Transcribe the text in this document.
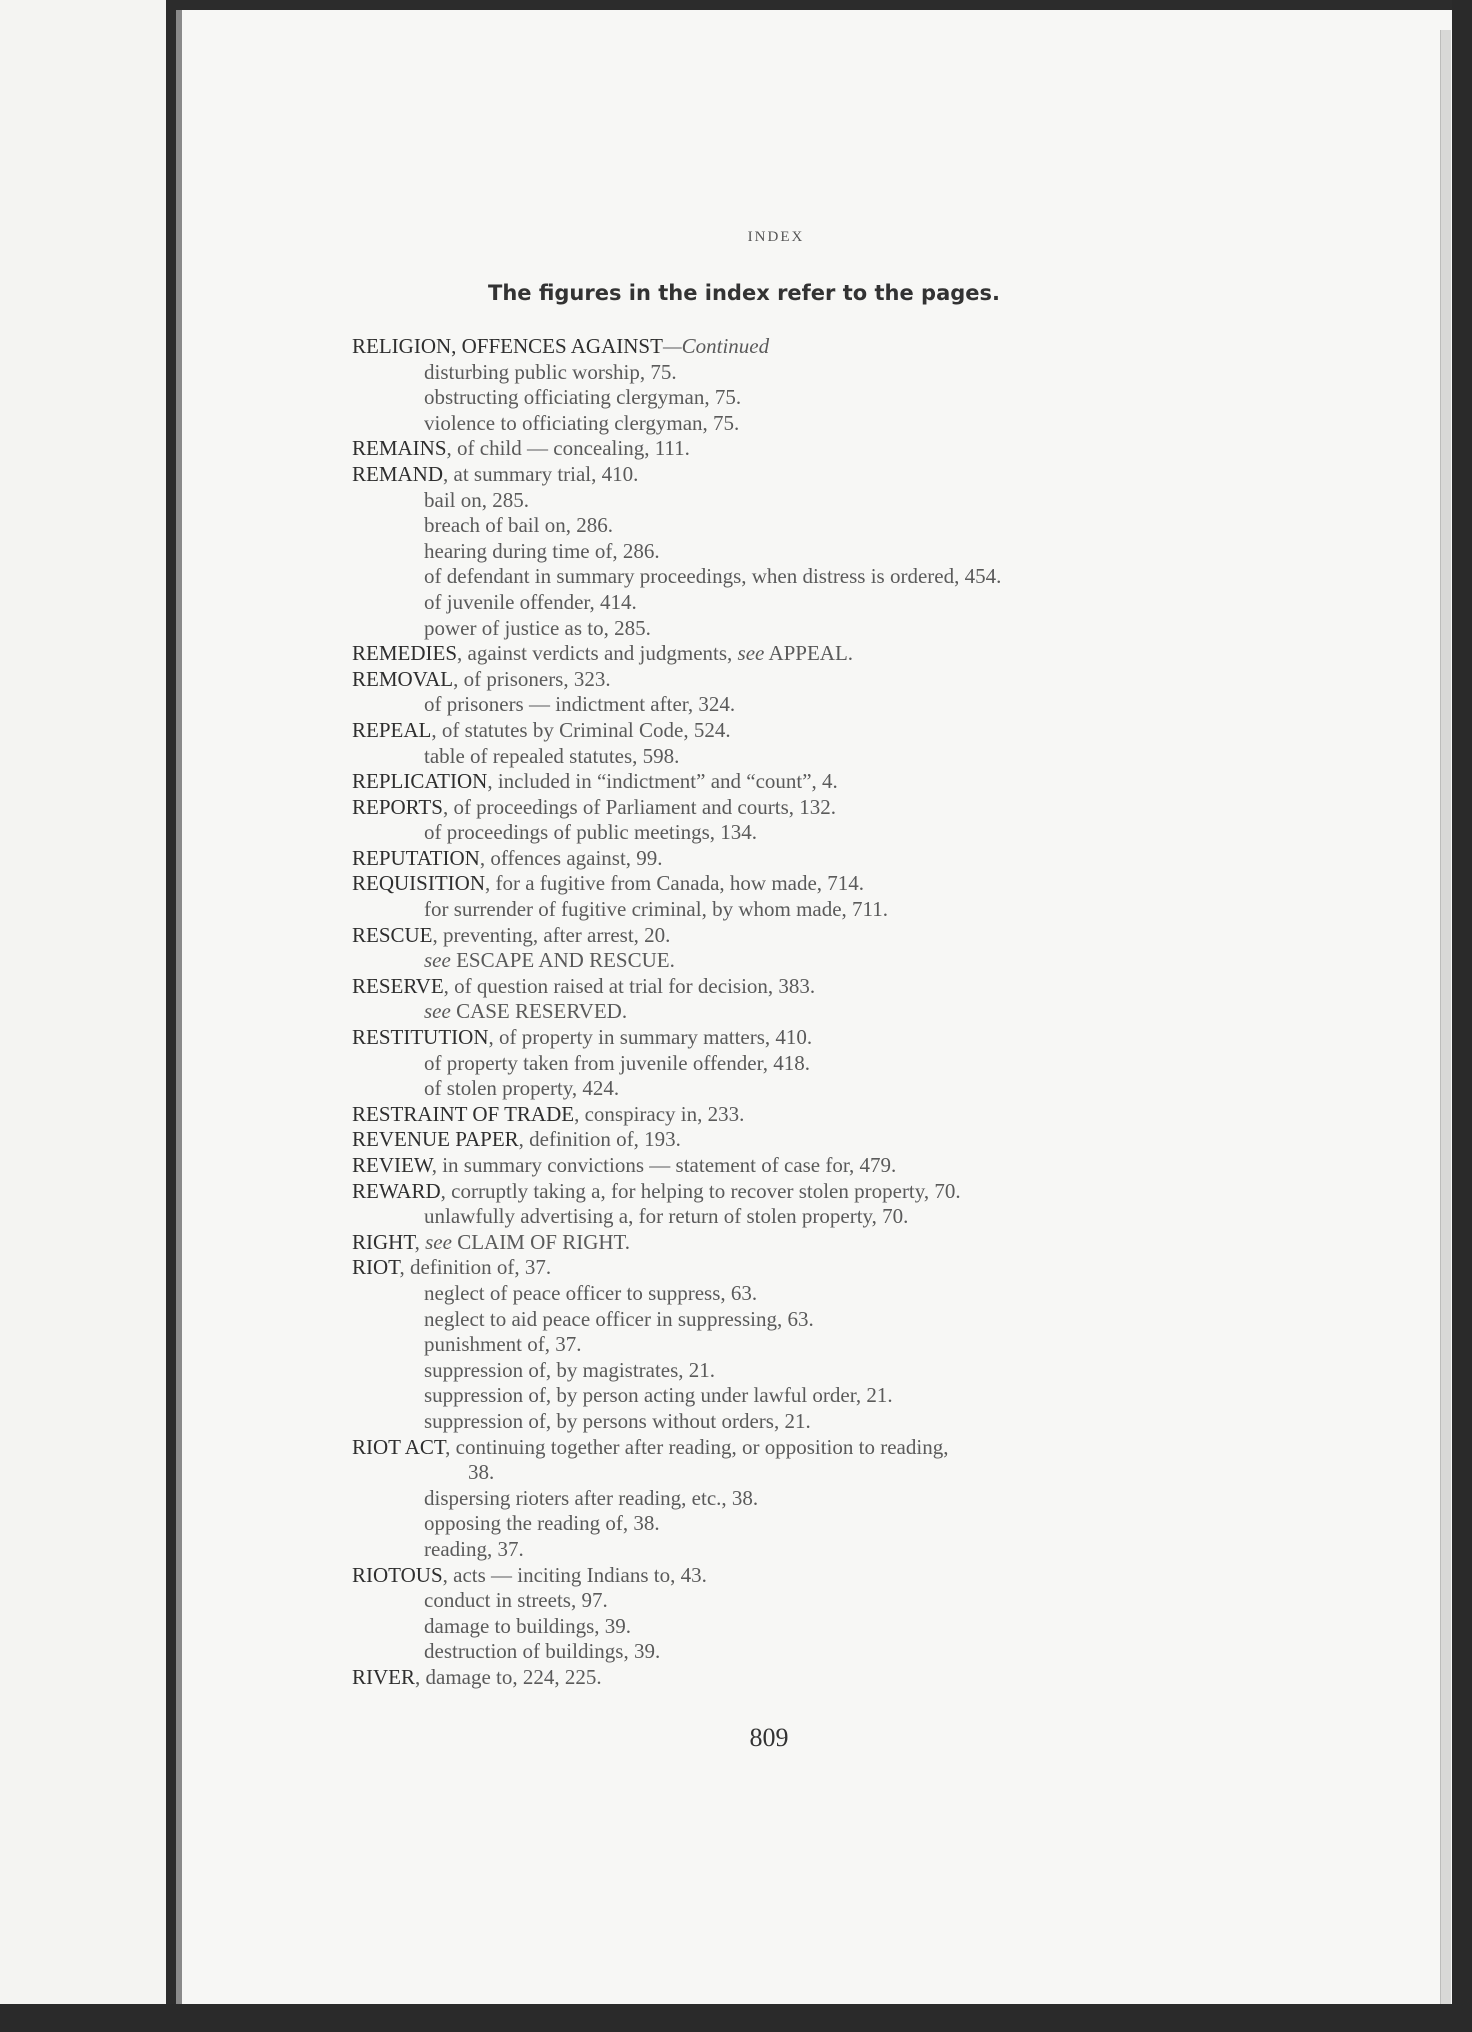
INDEX
The figures in the index refer to the pages.
RELIGION, OFFENCES AGAINST—Continued
disturbing public worship, 75.
obstructing officiating clergyman, 75.
violence to officiating clergyman, 75.
REMAINS, of child — concealing, 111.
REMAND, at summary trial, 410.
bail on, 285.
breach of bail on, 286.
hearing during time of, 286.
of defendant in summary proceedings, when distress is ordered, 454.
of juvenile offender, 414.
power of justice as to, 285.
REMEDIES, against verdicts and judgments, see APPEAL.
REMOVAL, of prisoners, 323.
of prisoners — indictment after, 324.
REPEAL, of statutes by Criminal Code, 524.
table of repealed statutes, 598.
REPLICATION, included in “indictment” and “count”, 4.
REPORTS, of proceedings of Parliament and courts, 132.
of proceedings of public meetings, 134.
REPUTATION, offences against, 99.
REQUISITION, for a fugitive from Canada, how made, 714.
for surrender of fugitive criminal, by whom made, 711.
RESCUE, preventing, after arrest, 20.
see ESCAPE AND RESCUE.
RESERVE, of question raised at trial for decision, 383.
see CASE RESERVED.
RESTITUTION, of property in summary matters, 410.
of property taken from juvenile offender, 418.
of stolen property, 424.
RESTRAINT OF TRADE, conspiracy in, 233.
REVENUE PAPER, definition of, 193.
REVIEW, in summary convictions — statement of case for, 479.
REWARD, corruptly taking a, for helping to recover stolen property, 70.
unlawfully advertising a, for return of stolen property, 70.
RIGHT, see CLAIM OF RIGHT.
RIOT, definition of, 37.
neglect of peace officer to suppress, 63.
neglect to aid peace officer in suppressing, 63.
punishment of, 37.
suppression of, by magistrates, 21.
suppression of, by person acting under lawful order, 21.
suppression of, by persons without orders, 21.
RIOT ACT, continuing together after reading, or opposition to reading,
38.
dispersing rioters after reading, etc., 38.
opposing the reading of, 38.
reading, 37.
RIOTOUS, acts — inciting Indians to, 43.
conduct in streets, 97.
damage to buildings, 39.
destruction of buildings, 39.
RIVER, damage to, 224, 225.
809
